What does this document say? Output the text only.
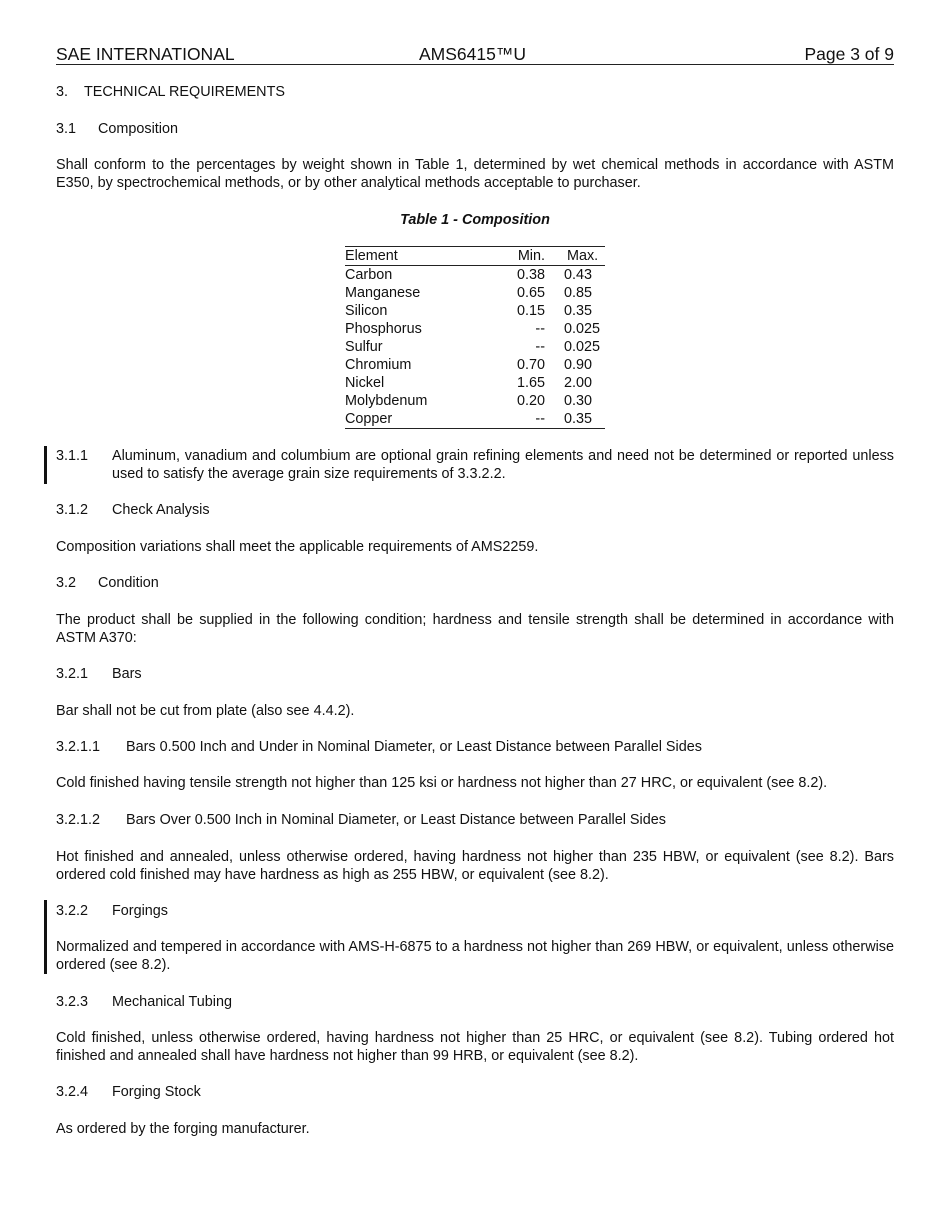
SAE INTERNATIONAL	AMS6415™U	Page 3 of 9
3. TECHNICAL REQUIREMENTS
3.1 Composition
Shall conform to the percentages by weight shown in Table 1, determined by wet chemical methods in accordance with ASTM E350, by spectrochemical methods, or by other analytical methods acceptable to purchaser.
Table 1 - Composition
Element	Min. Max.
Carbon	0.38 0.43
Manganese	0.65 0.85
Silicon	0.15 0.35
Phosphorus	-- 0.025
Sulfur	-- 0.025
Chromium	0.70 0.90
Nickel	1.65 2.00
Molybdenum	0.20 0.30
Copper	-- 0.35
3.1.1 Aluminum, vanadium and columbium are optional grain refining elements and need not be determined or reported unless used to satisfy the average grain size requirements of 3.3.2.2.
3.1.2 Check Analysis
Composition variations shall meet the applicable requirements of AMS2259.
3.2 Condition
The product shall be supplied in the following condition; hardness and tensile strength shall be determined in accordance with ASTM A370:
3.2.1 Bars
Bar shall not be cut from plate (also see 4.4.2).
3.2.1.1 Bars 0.500 Inch and Under in Nominal Diameter, or Least Distance between Parallel Sides
Cold finished having tensile strength not higher than 125 ksi or hardness not higher than 27 HRC, or equivalent (see 8.2).
3.2.1.2 Bars Over 0.500 Inch in Nominal Diameter, or Least Distance between Parallel Sides
Hot finished and annealed, unless otherwise ordered, having hardness not higher than 235 HBW, or equivalent (see 8.2). Bars ordered cold finished may have hardness as high as 255 HBW, or equivalent (see 8.2).
3.2.2 Forgings
Normalized and tempered in accordance with AMS-H-6875 to a hardness not higher than 269 HBW, or equivalent, unless otherwise ordered (see 8.2).
3.2.3 Mechanical Tubing
Cold finished, unless otherwise ordered, having hardness not higher than 25 HRC, or equivalent (see 8.2). Tubing ordered hot finished and annealed shall have hardness not higher than 99 HRB, or equivalent (see 8.2).
3.2.4 Forging Stock
As ordered by the forging manufacturer.
